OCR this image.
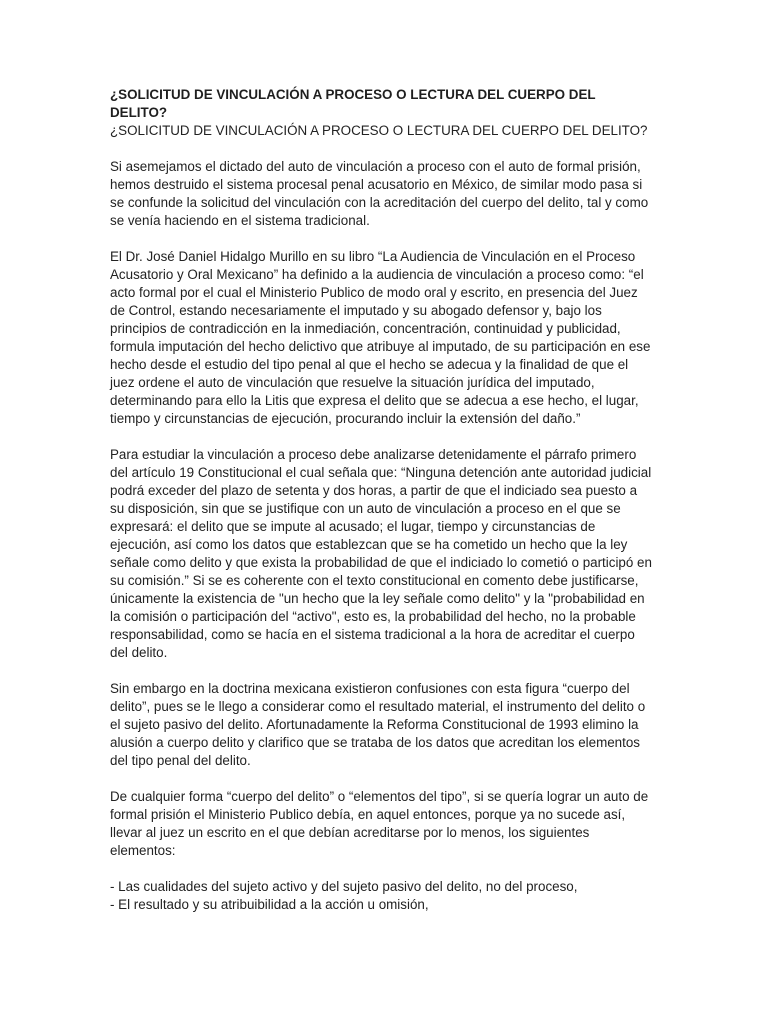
¿SOLICITUD DE VINCULACIÓN A PROCESO O LECTURA DEL CUERPO DEL
DELITO?

¿SOLICITUD DE VINCULACIÓN A PROCESO O LECTURA DEL CUERPO DEL DELITO?

Si asemejamos el dictado del auto de vinculación a proceso con el auto de formal prisión,
hemos destruido el sistema procesal penal acusatorio en México, de similar modo pasa si
se confunde la solicitud del vinculación con la acreditación del cuerpo del delito, tal y como
se venía haciendo en el sistema tradicional.

El Dr. José Daniel Hidalgo Murillo en su libro “La Audiencia de Vinculación en el Proceso
Acusatorio y Oral Mexicano” ha definido a la audiencia de vinculación a proceso como: “el
acto formal por el cual el Ministerio Publico de modo oral y escrito, en presencia del Juez
de Control, estando necesariamente el imputado y su abogado defensor y, bajo los
principios de contradicción en la inmediación, concentración, continuidad y publicidad,
formula imputación del hecho delictivo que atribuye al imputado, de su participación en ese
hecho desde el estudio del tipo penal al que el hecho se adecua y la finalidad de que el
juez ordene el auto de vinculación que resuelve la situación jurídica del imputado,
determinando para ello la Litis que expresa el delito que se adecua a ese hecho, el lugar,
tiempo y circunstancias de ejecución, procurando incluir la extensión del daño.”

Para estudiar la vinculación a proceso debe analizarse detenidamente el párrafo primero
del artículo 19 Constitucional el cual señala que: “Ninguna detención ante autoridad judicial
podrá exceder del plazo de setenta y dos horas, a partir de que el indiciado sea puesto a
su disposición, sin que se justifique con un auto de vinculación a proceso en el que se
expresará: el delito que se impute al acusado; el lugar, tiempo y circunstancias de
ejecución, así como los datos que establezcan que se ha cometido un hecho que la ley
señale como delito y que exista la probabilidad de que el indiciado lo cometió o participó en
su comisión.” Si se es coherente con el texto constitucional en comento debe justificarse,
únicamente la existencia de "un hecho que la ley señale como delito" y la "probabilidad en
la comisión o participación del “activo", esto es, la probabilidad del hecho, no la probable
responsabilidad, como se hacía en el sistema tradicional a la hora de acreditar el cuerpo
del delito.

Sin embargo en la doctrina mexicana existieron confusiones con esta figura “cuerpo del
delito”, pues se le llego a considerar como el resultado material, el instrumento del delito o
el sujeto pasivo del delito. Afortunadamente la Reforma Constitucional de 1993 elimino la
alusión a cuerpo delito y clarifico que se trataba de los datos que acreditan los elementos
del tipo penal del delito.

De cualquier forma “cuerpo del delito” o “elementos del tipo”, si se quería lograr un auto de
formal prisión el Ministerio Publico debía, en aquel entonces, porque ya no sucede así,
llevar al juez un escrito en el que debían acreditarse por lo menos, los siguientes
elementos:

- Las cualidades del sujeto activo y del sujeto pasivo del delito, no del proceso,
- El resultado y su atribuibilidad a la acción u omisión,
